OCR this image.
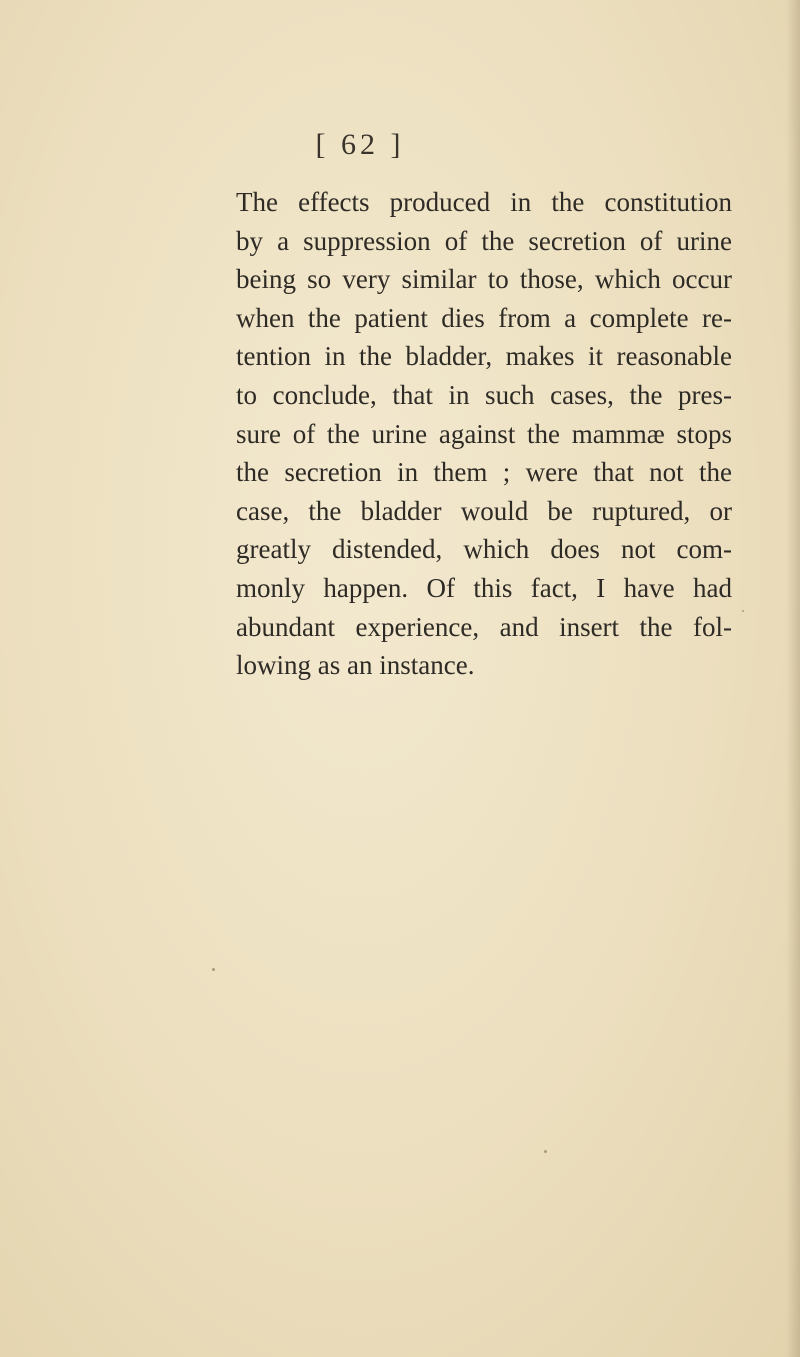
[ 62 ]
The effects produced in the constitution
by a suppression of the secretion of urine
being so very similar to those, which occur
when the patient dies from a complete re-
tention in the bladder, makes it reasonable
to conclude, that in such cases, the pres-
sure of the urine against the mammæ stops
the secretion in them ; were that not the
case, the bladder would be ruptured, or
greatly distended, which does not com-
monly happen. Of this fact, I have had
abundant experience, and insert the fol-
lowing as an instance.
